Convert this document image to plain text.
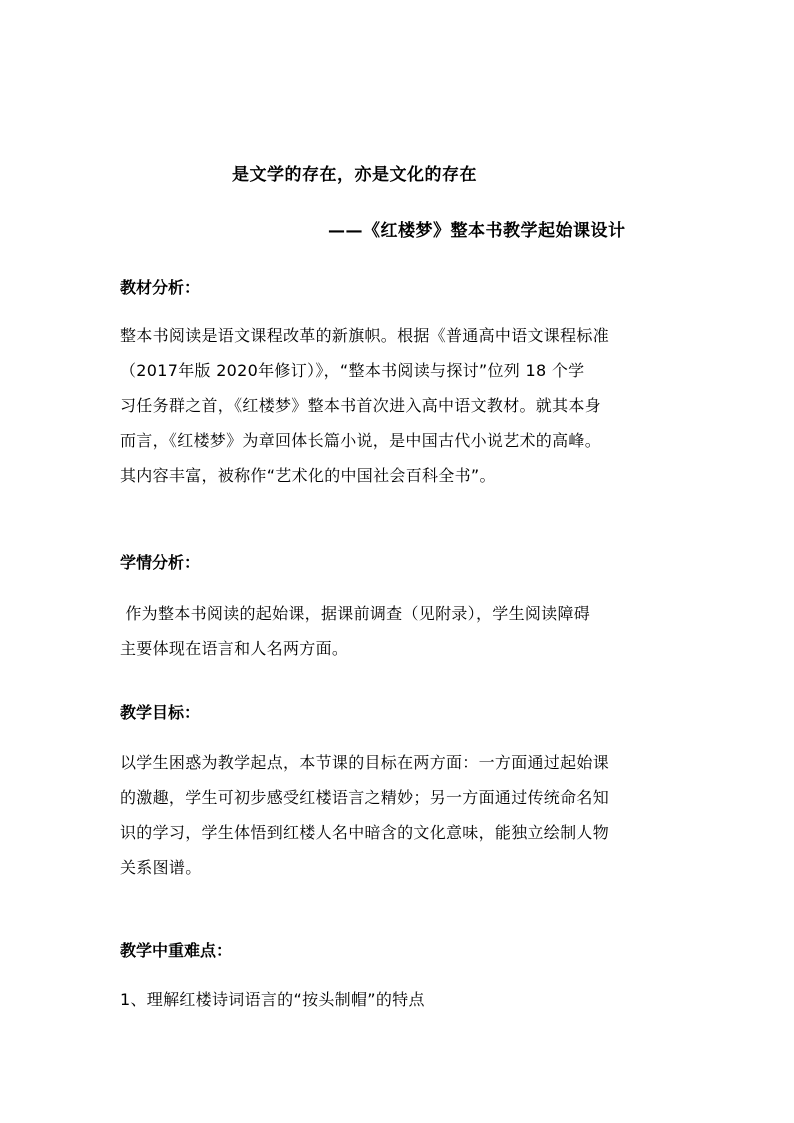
是文学的存在，亦是文化的存在
——《红楼梦》整本书教学起始课设计
教材分析：
整本书阅读是语文课程改革的新旗帜。根据《普通高中语文课程标准
（2017年版 2020年修订）》，“整本书阅读与探讨”位列 18 个学
习任务群之首，《红楼梦》整本书首次进入高中语文教材。就其本身
而言，《红楼梦》为章回体长篇小说，是中国古代小说艺术的高峰。
其内容丰富，被称作“艺术化的中国社会百科全书”。
学情分析：
作为整本书阅读的起始课，据课前调查（见附录），学生阅读障碍
主要体现在语言和人名两方面。
教学目标：
以学生困惑为教学起点，本节课的目标在两方面：一方面通过起始课
的激趣，学生可初步感受红楼语言之精妙；另一方面通过传统命名知
识的学习，学生体悟到红楼人名中暗含的文化意味，能独立绘制人物
关系图谱。
教学中重难点：
1、理解红楼诗词语言的“按头制帽”的特点
